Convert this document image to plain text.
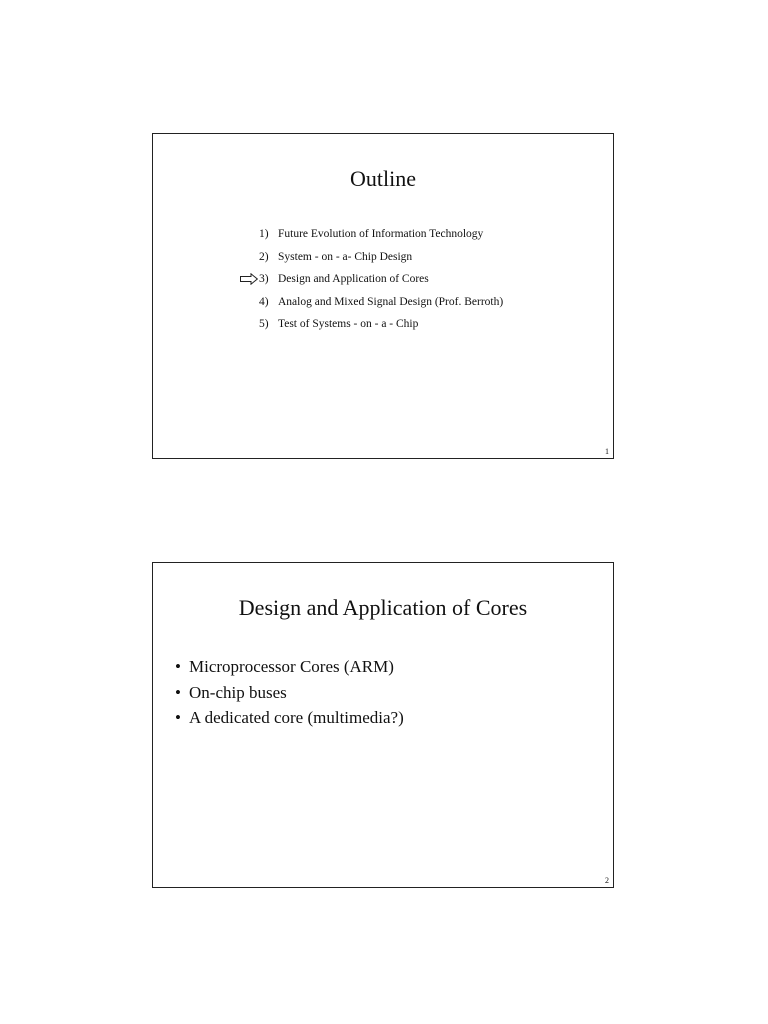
Outline
1) Future Evolution of Information Technology
2) System - on - a- Chip Design
3) Design and Application of Cores
4) Analog and Mixed Signal Design (Prof. Berroth)
5) Test of Systems - on - a - Chip
1
Design and Application of Cores
• Microprocessor Cores (ARM)
• On-chip buses
• A dedicated core (multimedia?)
2
